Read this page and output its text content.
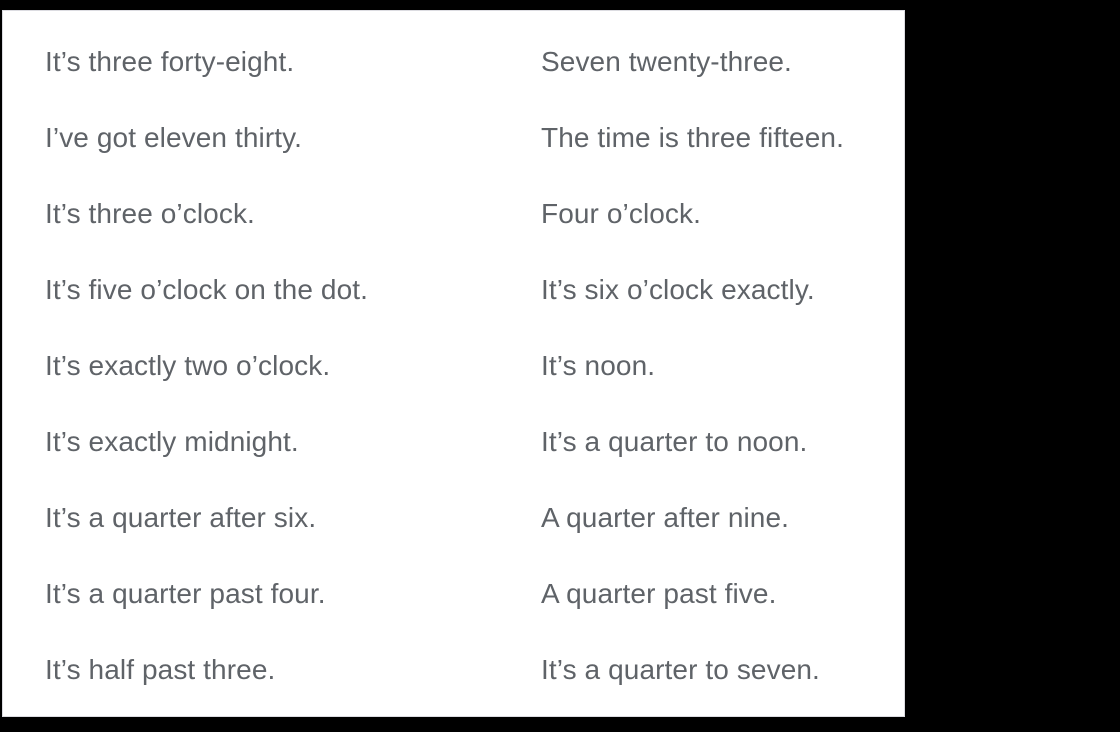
It’s three forty-eight.	Seven twenty-three.
I’ve got eleven thirty.	The time is three fifteen.
It’s three o’clock.	Four o’clock.
It’s five o’clock on the dot.	It’s six o’clock exactly.
It’s exactly two o’clock.	It’s noon.
It’s exactly midnight.	It’s a quarter to noon.
It’s a quarter after six.	A quarter after nine.
It’s a quarter past four.	A quarter past five.
It’s half past three.	It’s a quarter to seven.
